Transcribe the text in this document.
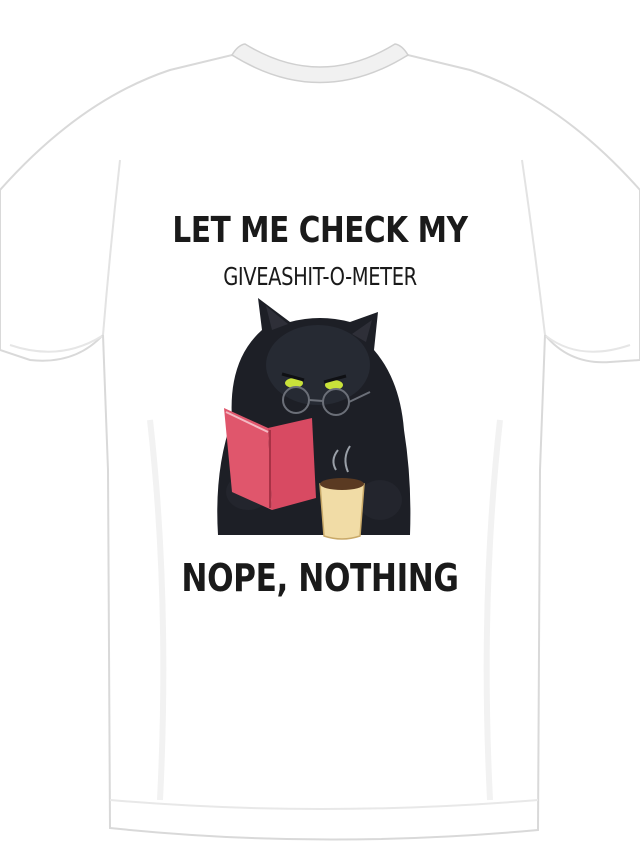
LET ME CHECK MY
GIVEASHIT-O-METER
NOPE, NOTHING
